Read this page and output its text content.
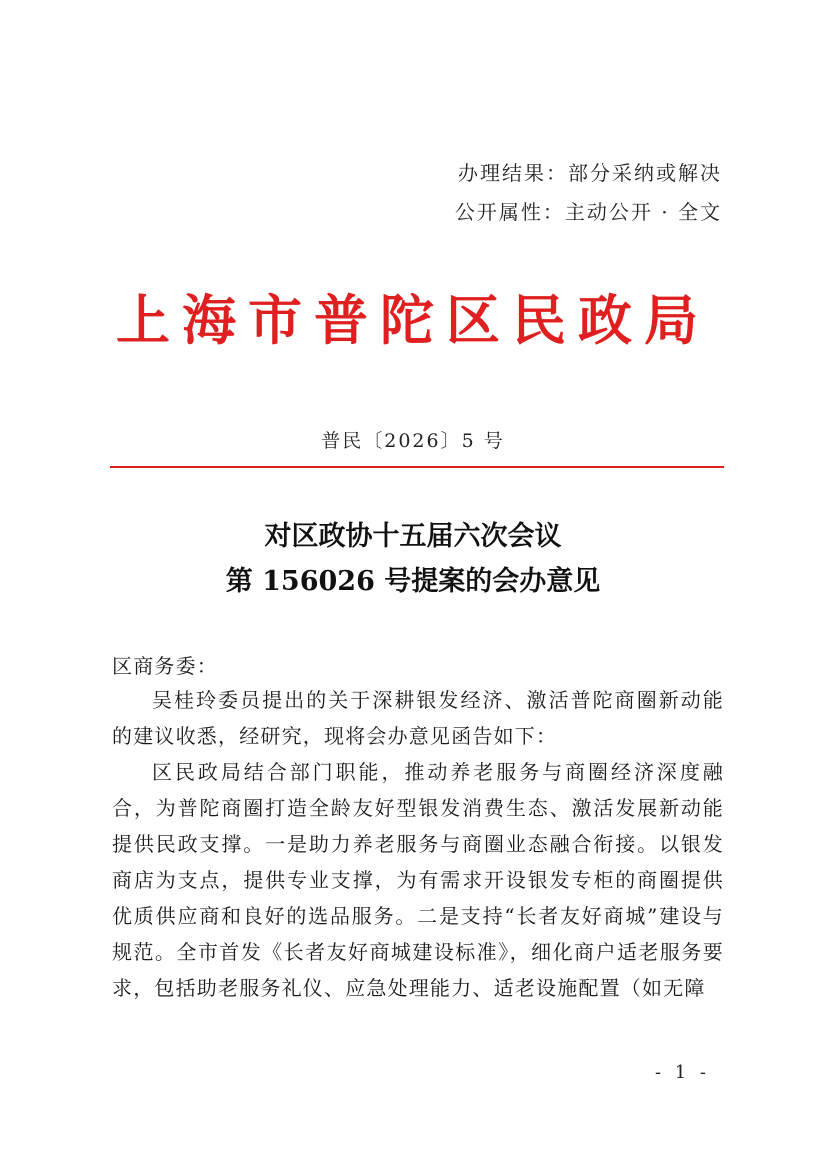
办理结果：部分采纳或解决
公开属性：主动公开 · 全文
上海市普陀区民政局
普民〔2026〕5 号
对区政协十五届六次会议
第 156026 号提案的会办意见
区商务委：

吴桂玲委员提出的关于深耕银发经济、激活普陀商圈新动能的建议收悉，经研究，现将会办意见函告如下：

区民政局结合部门职能，推动养老服务与商圈经济深度融合，为普陀商圈打造全龄友好型银发消费生态、激活发展新动能提供民政支撑。一是助力养老服务与商圈业态融合衔接。以银发商店为支点，提供专业支撑，为有需求开设银发专柜的商圈提供优质供应商和良好的选品服务。二是支持“长者友好商城”建设与规范。全市首发《长者友好商城建设标准》，细化商户适老服务要求，包括助老服务礼仪、应急处理能力、适老设施配置（如无障

- 1 -
